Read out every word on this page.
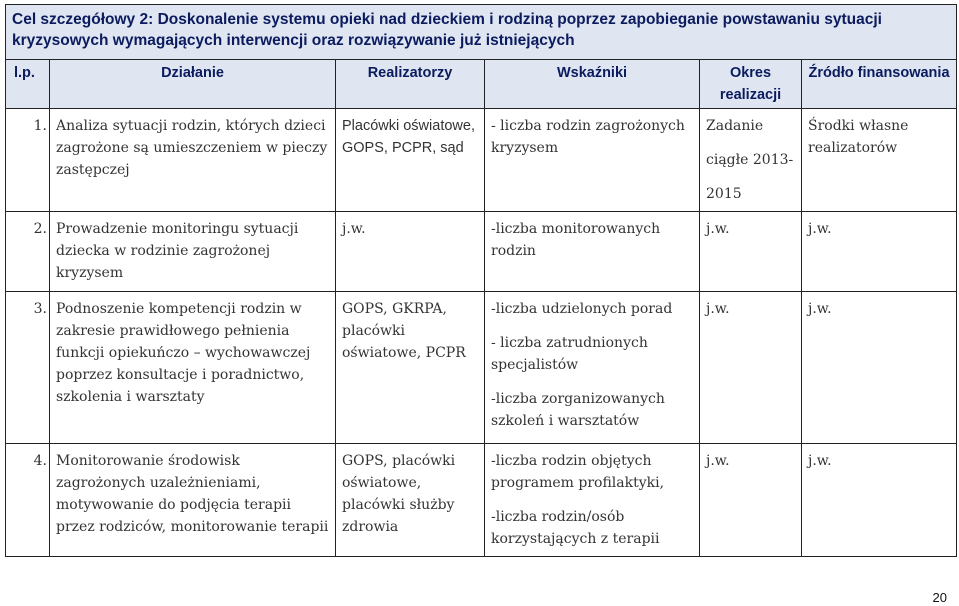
Cel szczegółowy 2: Doskonalenie systemu opieki nad dzieckiem i rodziną poprzez zapobieganie powstawaniu sytuacji kryzysowych wymagających interwencji oraz rozwiązywanie już istniejących					
l.p.	Działanie	Realizatorzy	Wskaźniki	Okres realizacji	Źródło finansowania
1.	Analiza sytuacji rodzin, których dzieci zagrożone są umieszczeniem w pieczy zastępczej	Placówki oświatowe, GOPS, PCPR, sąd	- liczba rodzin zagrożonych kryzysem	Zadanie
ciągłe 2013-
2015	Środki własne realizatorów
2.	Prowadzenie monitoringu sytuacji dziecka w rodzinie zagrożonej kryzysem	j.w.	-liczba monitorowanych rodzin	j.w.	j.w.
3.	Podnoszenie kompetencji rodzin w zakresie prawidłowego pełnienia funkcji opiekuńczo – wychowawczej poprzez konsultacje i poradnictwo, szkolenia i warsztaty	GOPS, GKRPA, placówki oświatowe, PCPR	-liczba udzielonych porad
- liczba zatrudnionych specjalistów
-liczba zorganizowanych szkoleń i warsztatów	j.w.	j.w.
4.	Monitorowanie środowisk zagrożonych uzależnieniami, motywowanie do podjęcia terapii przez rodziców, monitorowanie terapii	GOPS, placówki oświatowe, placówki służby zdrowia	-liczba rodzin objętych programem profilaktyki,
-liczba rodzin/osób korzystających z terapii	j.w.	j.w.
20
